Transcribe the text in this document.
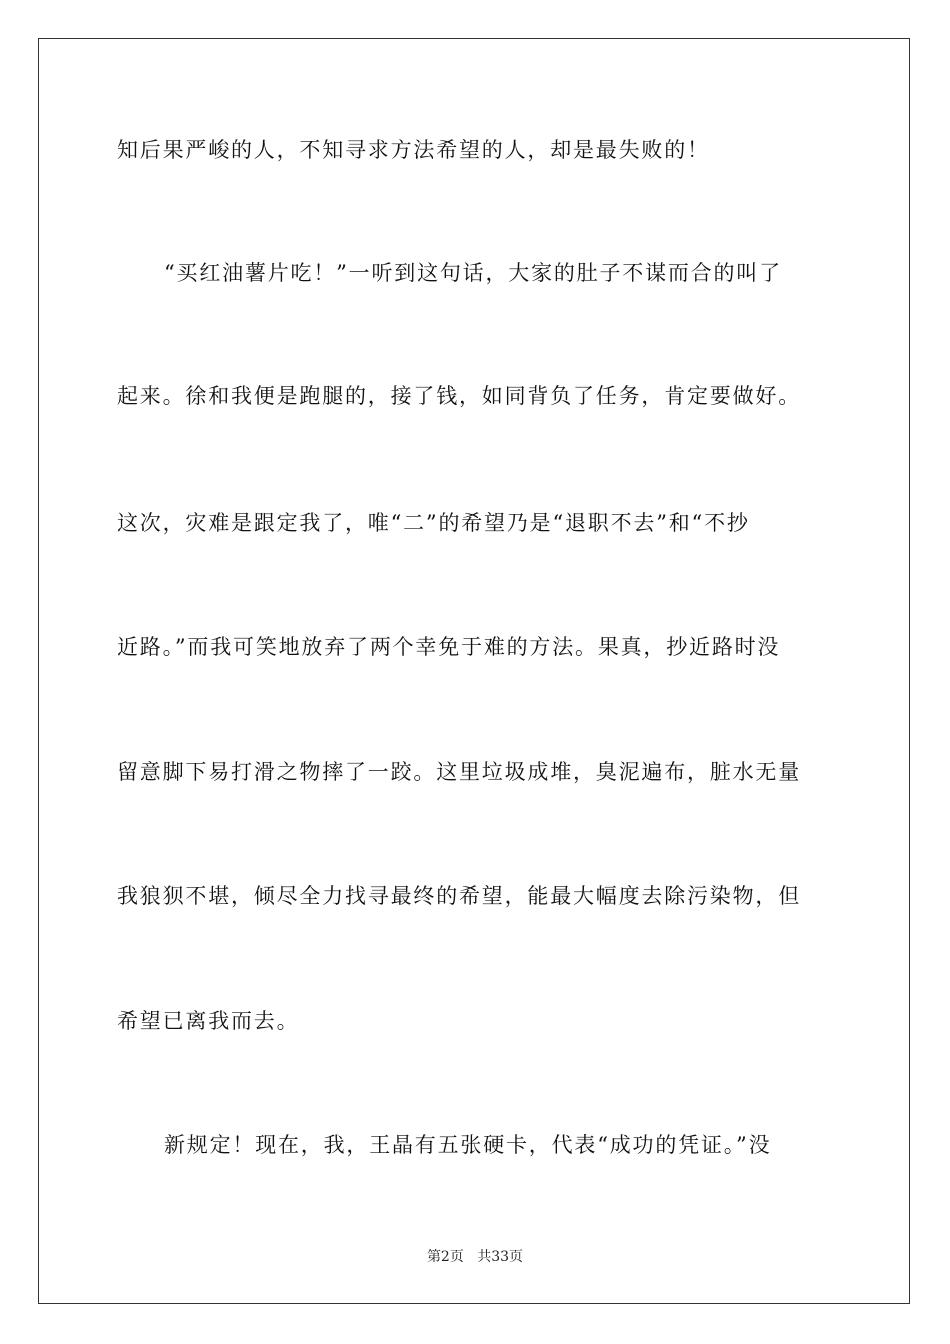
知后果严峻的人，不知寻求方法希望的人，却是最失败的！
“买红油薯片吃！”一听到这句话，大家的肚子不谋而合的叫了
起来。徐和我便是跑腿的，接了钱，如同背负了任务，肯定要做好。
这次，灾难是跟定我了，唯“二”的希望乃是“退职不去”和“不抄
近路。”而我可笑地放弃了两个幸免于难的方法。果真，抄近路时没
留意脚下易打滑之物摔了一跤。这里垃圾成堆，臭泥遍布，脏水无量
我狼狈不堪，倾尽全力找寻最终的希望，能最大幅度去除污染物，但
希望已离我而去。
新规定！现在，我，王晶有五张硬卡，代表“成功的凭证。”没
第2页 共33页
